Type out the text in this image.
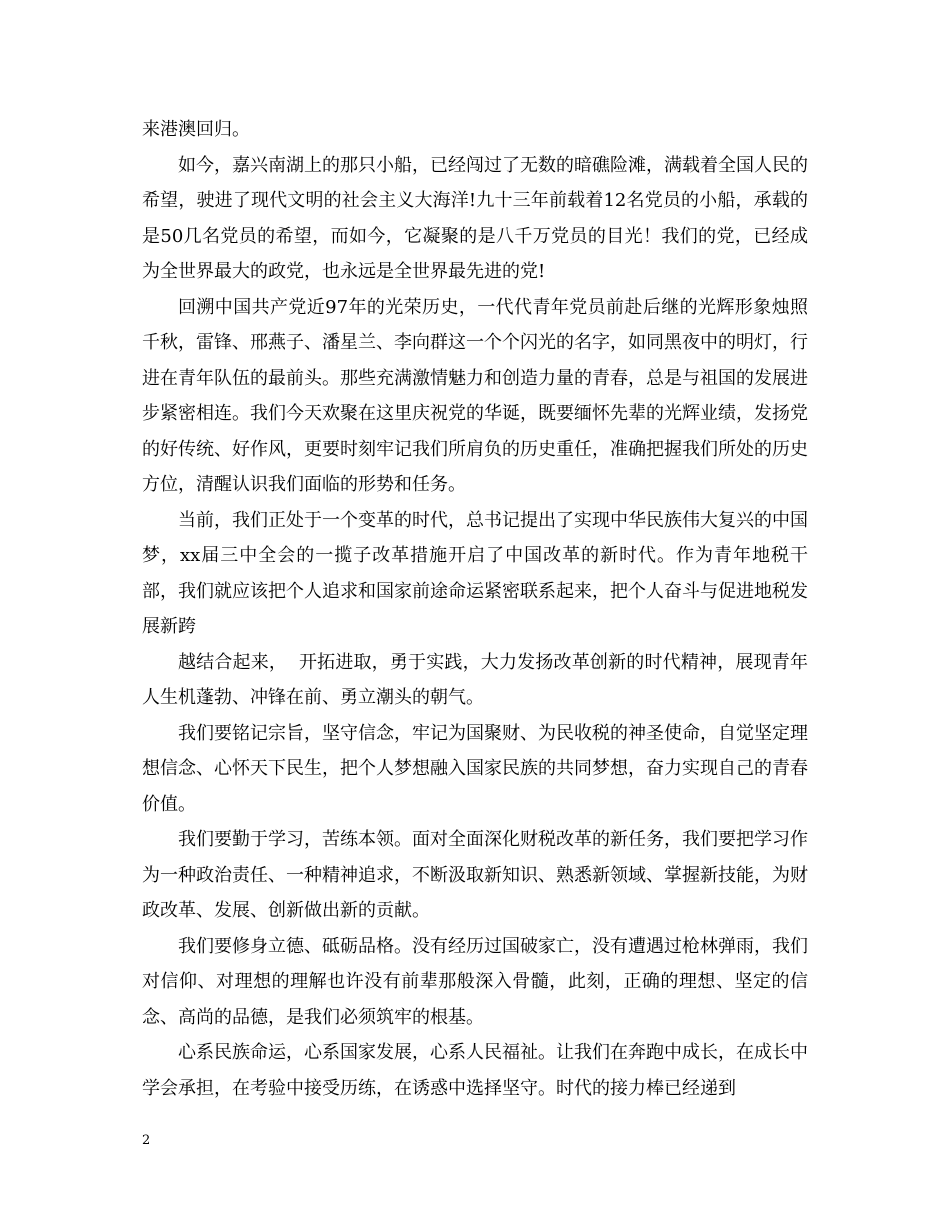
来港澳回归。

如今，嘉兴南湖上的那只小船，已经闯过了无数的暗礁险滩，满载着全国人民的希望，驶进了现代文明的社会主义大海洋!九十三年前载着12名党员的小船，承载的是50几名党员的希望，而如今，它凝聚的是八千万党员的目光！我们的党，已经成为全世界最大的政党，也永远是全世界最先进的党!

回溯中国共产党近97年的光荣历史，一代代青年党员前赴后继的光辉形象烛照千秋，雷锋、邢燕子、潘星兰、李向群这一个个闪光的名字，如同黑夜中的明灯，行进在青年队伍的最前头。那些充满激情魅力和创造力量的青春，总是与祖国的发展进步紧密相连。我们今天欢聚在这里庆祝党的华诞，既要缅怀先辈的光辉业绩，发扬党的好传统、好作风，更要时刻牢记我们所肩负的历史重任，准确把握我们所处的历史方位，清醒认识我们面临的形势和任务。

当前，我们正处于一个变革的时代，总书记提出了实现中华民族伟大复兴的中国梦，xx届三中全会的一揽子改革措施开启了中国改革的新时代。作为青年地税干部，我们就应该把个人追求和国家前途命运紧密联系起来，把个人奋斗与促进地税发展新跨

越结合起来，  开拓进取，勇于实践，大力发扬改革创新的时代精神，展现青年人生机蓬勃、冲锋在前、勇立潮头的朝气。

我们要铭记宗旨，坚守信念，牢记为国聚财、为民收税的神圣使命，自觉坚定理想信念、心怀天下民生，把个人梦想融入国家民族的共同梦想，奋力实现自己的青春价值。

我们要勤于学习，苦练本领。面对全面深化财税改革的新任务，我们要把学习作为一种政治责任、一种精神追求，不断汲取新知识、熟悉新领域、掌握新技能，为财政改革、发展、创新做出新的贡献。

我们要修身立德、砥砺品格。没有经历过国破家亡，没有遭遇过枪林弹雨，我们对信仰、对理想的理解也许没有前辈那般深入骨髓，此刻，正确的理想、坚定的信念、高尚的品德，是我们必须筑牢的根基。

心系民族命运，心系国家发展，心系人民福祉。让我们在奔跑中成长，在成长中学会承担，在考验中接受历练，在诱惑中选择坚守。时代的接力棒已经递到

2
